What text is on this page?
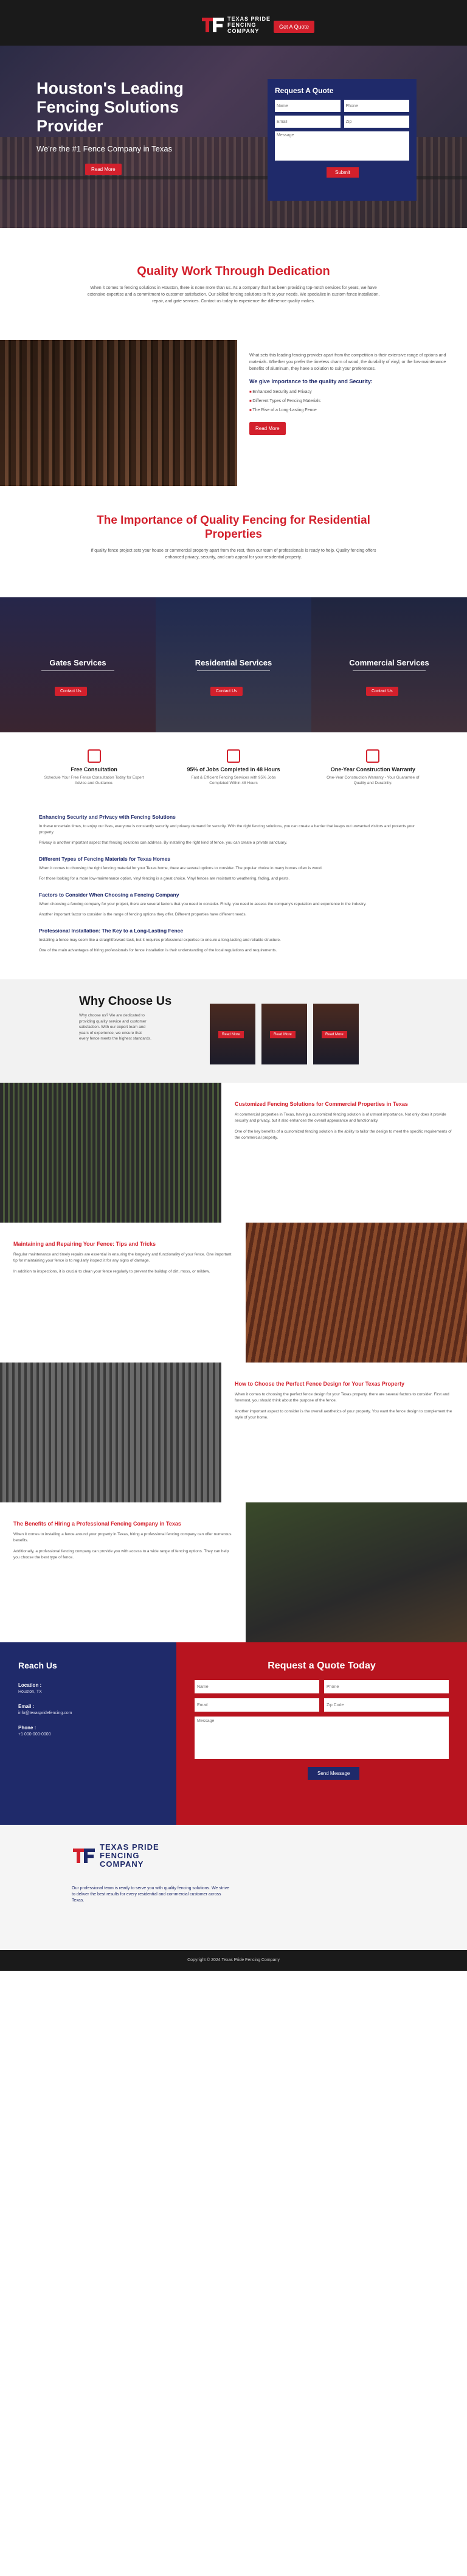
TEXAS PRIDE
FENCING
COMPANY
Get A Quote
Houston's Leading Fencing Solutions Provider
We're the #1 Fence Company in Texas
Read More
Request A Quote
Name
Phone
Email
Zip
Message Submit
Quality Work Through Dedication
When it comes to fencing solutions in Houston, there is none more than us. As a company that has been providing top-notch services for years, we have extensive expertise and a commitment to customer satisfaction. Our skilled fencing solutions to fit to your needs. We specialize in custom fence installation, repair, and gate services. Contact us today to experience the difference quality makes.
What sets this leading fencing provider apart from the competition is their extensive range of options and materials. Whether you prefer the timeless charm of wood, the durability of vinyl, or the low-maintenance benefits of aluminum, they have a solution to suit your preferences.
We give Importance to the quality and Security:
■ Enhanced Security and Privacy
■ Different Types of Fencing Materials
■ The Rise of a Long-Lasting Fence
Read More
The Importance of Quality Fencing for Residential Properties
If quality fence project sets your house or commercial property apart from the rest, then our team of professionals is ready to help. Quality fencing offers enhanced privacy, security, and curb appeal for your residential property.
Gates Services
Contact Us
Residential Services
Contact Us
Commercial Services
Contact Us
Free Consultation
Schedule Your Free Fence Consultation Today for Expert Advice and Guidance.
95% of Jobs Completed in 48 Hours
Fast & Efficient Fencing Services with 95% Jobs Completed Within 48 Hours
One-Year Construction Warranty
One-Year Construction Warranty - Your Guarantee of Quality and Durability.
Enhancing Security and Privacy with Fencing Solutions

In these uncertain times, to enjoy our lives, everyone is constantly security and privacy demand for security. With the right fencing solutions, you can create a barrier that keeps out unwanted visitors and protects your property.

Privacy is another important aspect that fencing solutions can address. By installing the right kind of fence, you can create a private sanctuary.

Different Types of Fencing Materials for Texas Homes

When it comes to choosing the right fencing material for your Texas home, there are several options to consider. The popular choice in many homes often is wood.

For those looking for a more low-maintenance option, vinyl fencing is a great choice. Vinyl fences are resistant to weathering, fading, and pests.

Factors to Consider When Choosing a Fencing Company

When choosing a fencing company for your project, there are several factors that you need to consider. Firstly, you need to assess the company's reputation and experience in the industry.

Another important factor to consider is the range of fencing options they offer. Different properties have different needs.

Professional Installation: The Key to a Long-Lasting Fence

Installing a fence may seem like a straightforward task, but it requires professional expertise to ensure a long-lasting and reliable structure.

One of the main advantages of hiring professionals for fence installation is their understanding of the local regulations and requirements.

Why Choose Us
Why choose us? We are dedicated to providing quality service and customer satisfaction. With our expert team and years of experience, we ensure that every fence meets the highest standards.
Read More	Read More	Read More
Customized Fencing Solutions for Commercial Properties in Texas

At commercial properties in Texas, having a customized fencing solution is of utmost importance. Not only does it provide security and privacy, but it also enhances the overall appearance and functionality.

One of the key benefits of a customized fencing solution is the ability to tailor the design to meet the specific requirements of the commercial property.

Maintaining and Repairing Your Fence: Tips and Tricks

Regular maintenance and timely repairs are essential in ensuring the longevity and functionality of your fence. One important tip for maintaining your fence is to regularly inspect it for any signs of damage.

In addition to inspections, it is crucial to clean your fence regularly to prevent the buildup of dirt, moss, or mildew.

How to Choose the Perfect Fence Design for Your Texas Property

When it comes to choosing the perfect fence design for your Texas property, there are several factors to consider. First and foremost, you should think about the purpose of the fence.

Another important aspect to consider is the overall aesthetics of your property. You want the fence design to complement the style of your home.

The Benefits of Hiring a Professional Fencing Company in Texas

When it comes to installing a fence around your property in Texas, hiring a professional fencing company can offer numerous benefits.

Additionally, a professional fencing company can provide you with access to a wide range of fencing options. They can help you choose the best type of fence.

Reach Us
Location :
Houston, TX
Email :
info@texaspridefencing.com
Phone :
+1 000-000-0000
Request a Quote Today
Name
Phone
Email
Zip Code
Message Send Message
TEXAS PRIDE
FENCING
COMPANY
Our professional team is ready to serve you with quality fencing solutions. We strive to deliver the best results for every residential and commercial customer across Texas.
Copyright © 2024 Texas Pride Fencing Company
